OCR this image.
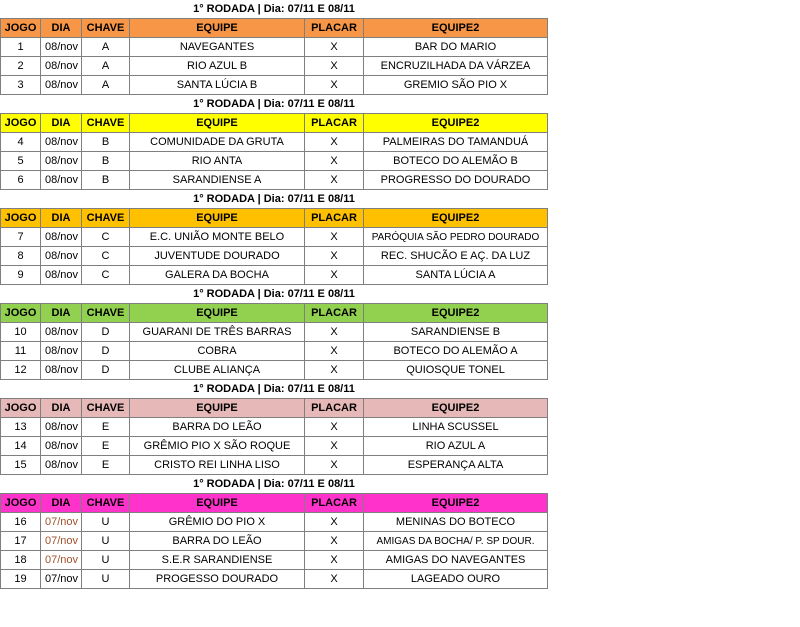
1° RODADA | Dia: 07/11 E 08/11
JOGO	DIA	CHAVE	EQUIPE	PLACAR	EQUIPE2
1	08/nov	A	NAVEGANTES	X	BAR DO MARIO
2	08/nov	A	RIO AZUL B	X	ENCRUZILHADA DA VÁRZEA
3	08/nov	A	SANTA LÚCIA B	X	GREMIO SÃO PIO X
1° RODADA | Dia: 07/11 E 08/11
JOGO	DIA	CHAVE	EQUIPE	PLACAR	EQUIPE2
4	08/nov	B	COMUNIDADE DA GRUTA	X	PALMEIRAS DO TAMANDUÁ
5	08/nov	B	RIO ANTA	X	BOTECO DO ALEMÃO B
6	08/nov	B	SARANDIENSE A	X	PROGRESSO DO DOURADO
1° RODADA | Dia: 07/11 E 08/11
JOGO	DIA	CHAVE	EQUIPE	PLACAR	EQUIPE2
7	08/nov	C	E.C. UNIÃO MONTE BELO	X	PARÓQUIA SÃO PEDRO DOURADO
8	08/nov	C	JUVENTUDE DOURADO	X	REC. SHUCÃO E AÇ. DA LUZ
9	08/nov	C	GALERA DA BOCHA	X	SANTA LÚCIA A
1° RODADA | Dia: 07/11 E 08/11
JOGO	DIA	CHAVE	EQUIPE	PLACAR	EQUIPE2
10	08/nov	D	GUARANI DE TRÊS BARRAS	X	SARANDIENSE B
11	08/nov	D	COBRA	X	BOTECO DO ALEMÃO A
12	08/nov	D	CLUBE ALIANÇA	X	QUIOSQUE TONEL
1° RODADA | Dia: 07/11 E 08/11
JOGO	DIA	CHAVE	EQUIPE	PLACAR	EQUIPE2
13	08/nov	E	BARRA DO LEÃO	X	LINHA SCUSSEL
14	08/nov	E	GRÊMIO PIO X SÃO ROQUE	X	RIO AZUL A
15	08/nov	E	CRISTO REI LINHA LISO	X	ESPERANÇA ALTA
1° RODADA | Dia: 07/11 E 08/11
JOGO	DIA	CHAVE	EQUIPE	PLACAR	EQUIPE2
16	07/nov	U	GRÊMIO DO PIO X	X	MENINAS DO BOTECO
17	07/nov	U	BARRA DO LEÃO	X	AMIGAS DA BOCHA/ P. SP DOUR.
18	07/nov	U	S.E.R SARANDIENSE	X	AMIGAS DO NAVEGANTES
19	07/nov	U	PROGESSO DOURADO	X	LAGEADO OURO
